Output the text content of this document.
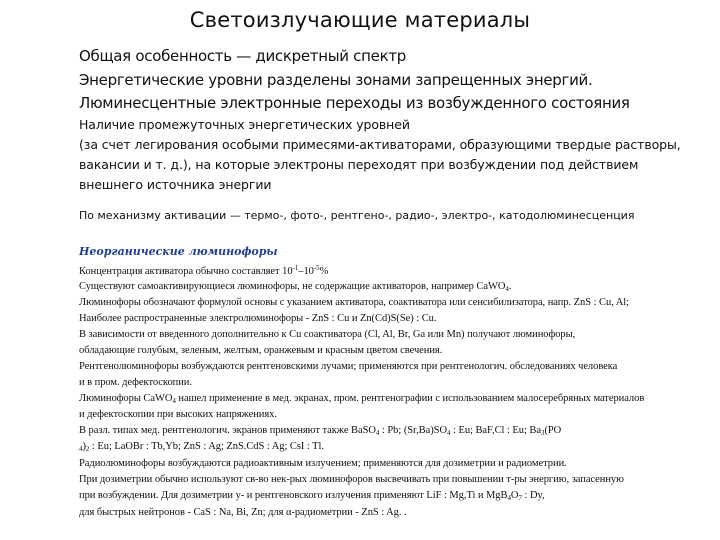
Светоизлучающие материалы
Общая особенность — дискретный спектр
Энергетические уровни разделены зонами запрещенных энергий.
Люминесцентные электронные переходы из возбужденного состояния
Наличие промежуточных энергетических уровней
(за счет легирования особыми примесями-активаторами, образующими твердые растворы,
вакансии и т. д.), на которые электроны переходят при возбуждении под действием
внешнего источника энергии
По механизму активации — термо-, фото-, рентгено-, радио-, электро-, катодолюминесценция
Неорганические люминофоры
Концентрация активатора обычно составляет $10^{-1}-10^{-5}\%$
Существуют самоактивирующиеся люминофоры, не содержащие активаторов, например CaWO$_4$.
Люминофоры обозначают формулой основы с указанием активатора, соактиватора или сенсибилизатора, напр. ZnS : Cu, Al;
Наиболее распространенные электролюминофоры - ZnS : Cu и Zn(Cd)S(Se) : Cu.
В зависимости от введенного дополнительно к Cu соактиватора (Cl, Al, Br, Ga или Mn) получают люминофоры,
обладающие голубым, зеленым, желтым, оранжевым и красным цветом свечения.
Рентгенолюминофоры возбуждаются рентгеновскими лучами; применяются при рентгенологич. обследованиях человека
и в пром. дефектоскопии.
Люминофоры CaWO$_4$ нашел применение в мед. экранах, пром. рентгенографии с использованием малосеребряных материалов
и дефектоскопии при высоких напряжениях.
В разл. типах мед. рентгенологич. экранов применяют также BaSO$_4$ : Pb; $(Sr,Ba)SO_4$ : Eu; BaF,Cl : Eu; $Ba_3(PO$
$_4)_2$ : Eu; LaOBr : Tb,Yb; ZnS : Ag; ZnS.CdS : Ag; CsI : Tl.
Радиолюминофоры возбуждаются радиоактивным излучением; применяются для дозиметрии и радиометрии.
При дозиметрии обычно используют св-во нек-рых люминофоров высвечивать при повышении т-ры энергию, запасенную
при возбуждении. Для дозиметрии у- и рентгеновского излучения применяют LiF : Mg,Ti и $MgB_4O_7$ : Dy,
для быстрых нейтронов - CaS : Na, Bi, Zn; для α-радиометрии - ZnS : Ag. .
